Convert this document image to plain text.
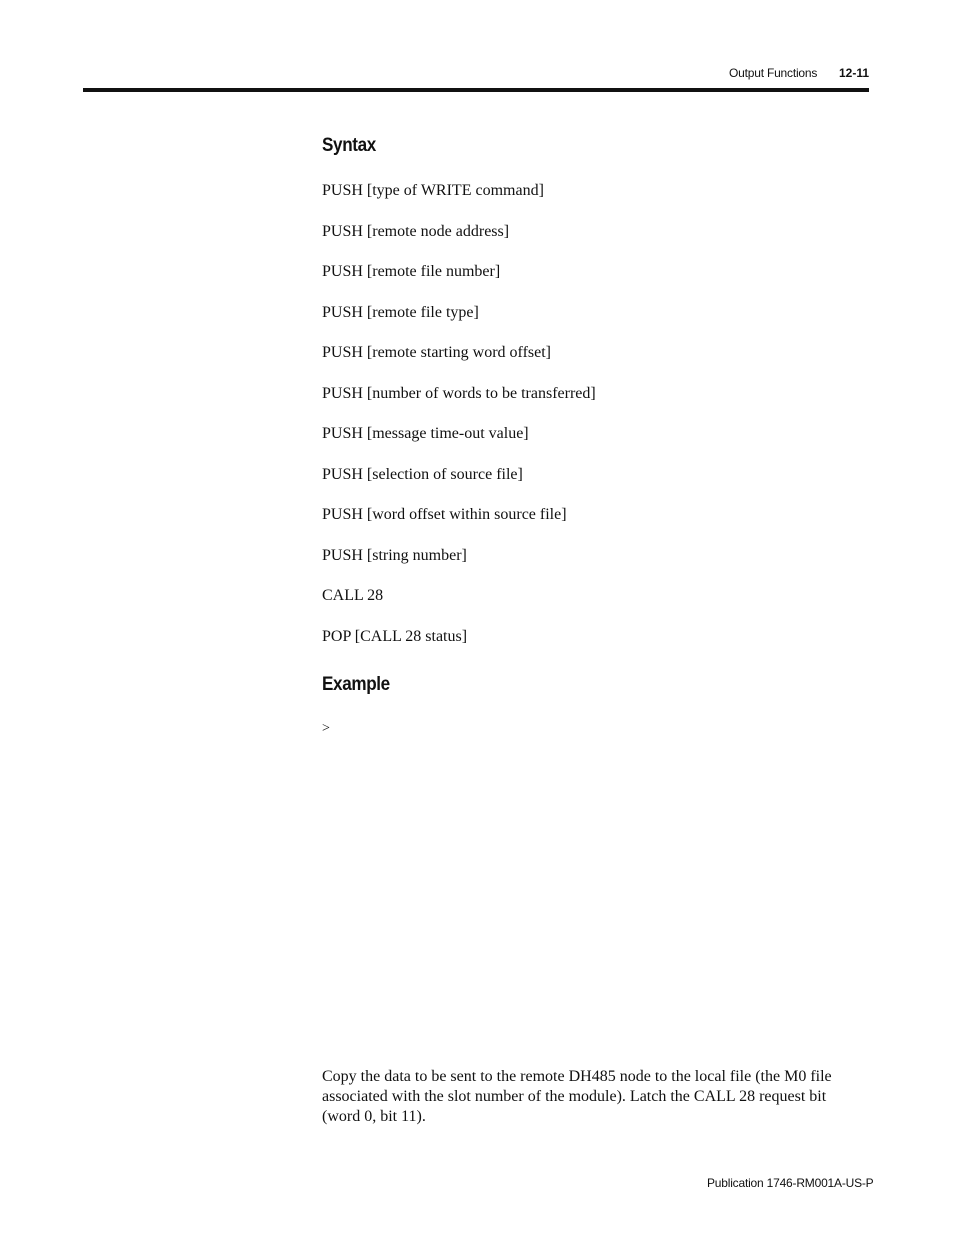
Output Functions 12-11
Syntax
PUSH [type of WRITE command]
PUSH [remote node address]
PUSH [remote file number]
PUSH [remote file type]
PUSH [remote starting word offset]
PUSH [number of words to be transferred]
PUSH [message time-out value]
PUSH [selection of source file]
PUSH [word offset within source file]
PUSH [string number]
CALL 28
POP [CALL 28 status]
Example
>

Copy the data to be sent to the remote DH485 node to the local file (the M0 file associated with the slot number of the module). Latch the CALL 28 request bit (word 0, bit 11).

Publication 1746-RM001A-US-P
